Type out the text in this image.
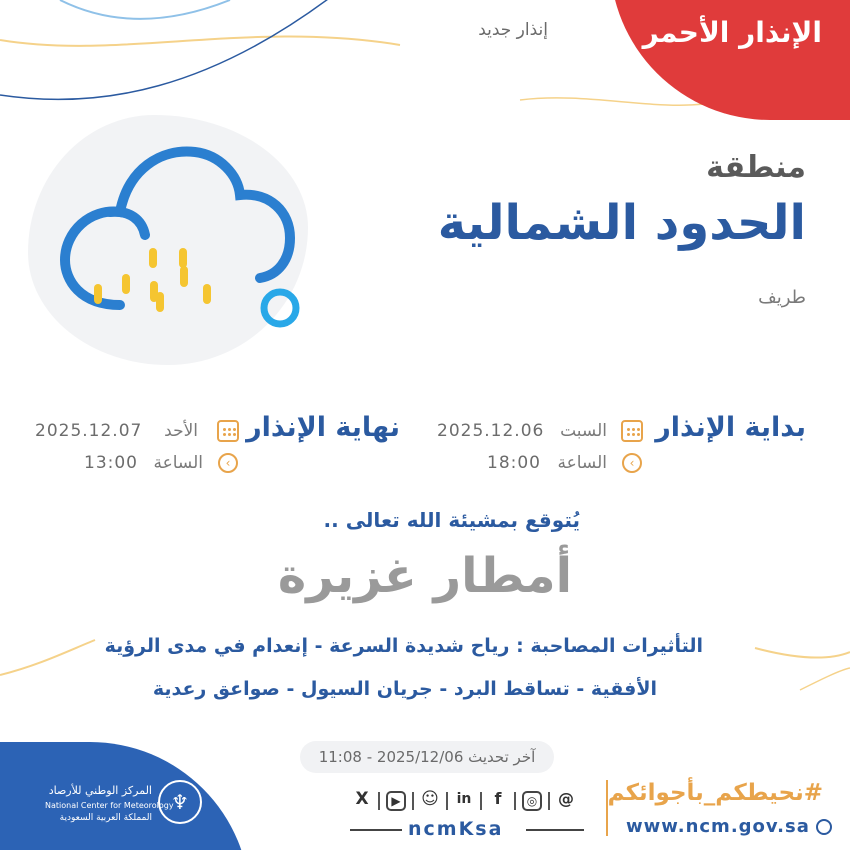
الإنذار الأحمر
إنذار جديد
منطقة
الحدود الشمالية
طريف
بداية الإنذار
السبت
2025.12.06
‹
الساعة
18:00
نهاية الإنذار
الأحد
2025.12.07
‹
الساعة
13:00
يُتوقع بمشيئة الله تعالى ..
أمطار غزيرة
التأثيرات المصاحبة : رياح شديدة السرعة - إنعدام في مدى الرؤية
الأفقية - تساقط البرد - جريان السيول - صواعق رعدية
آخر تحديث 2025/12/06 - 11:08
♆
المركز الوطني للأرصاد
National Center for Meteorology
المملكة العربية السعودية
X	▶	☺ in	f	◎ @
ncmKsa
#نحيطكم_بأجوائكم
www.ncm.gov.sa
